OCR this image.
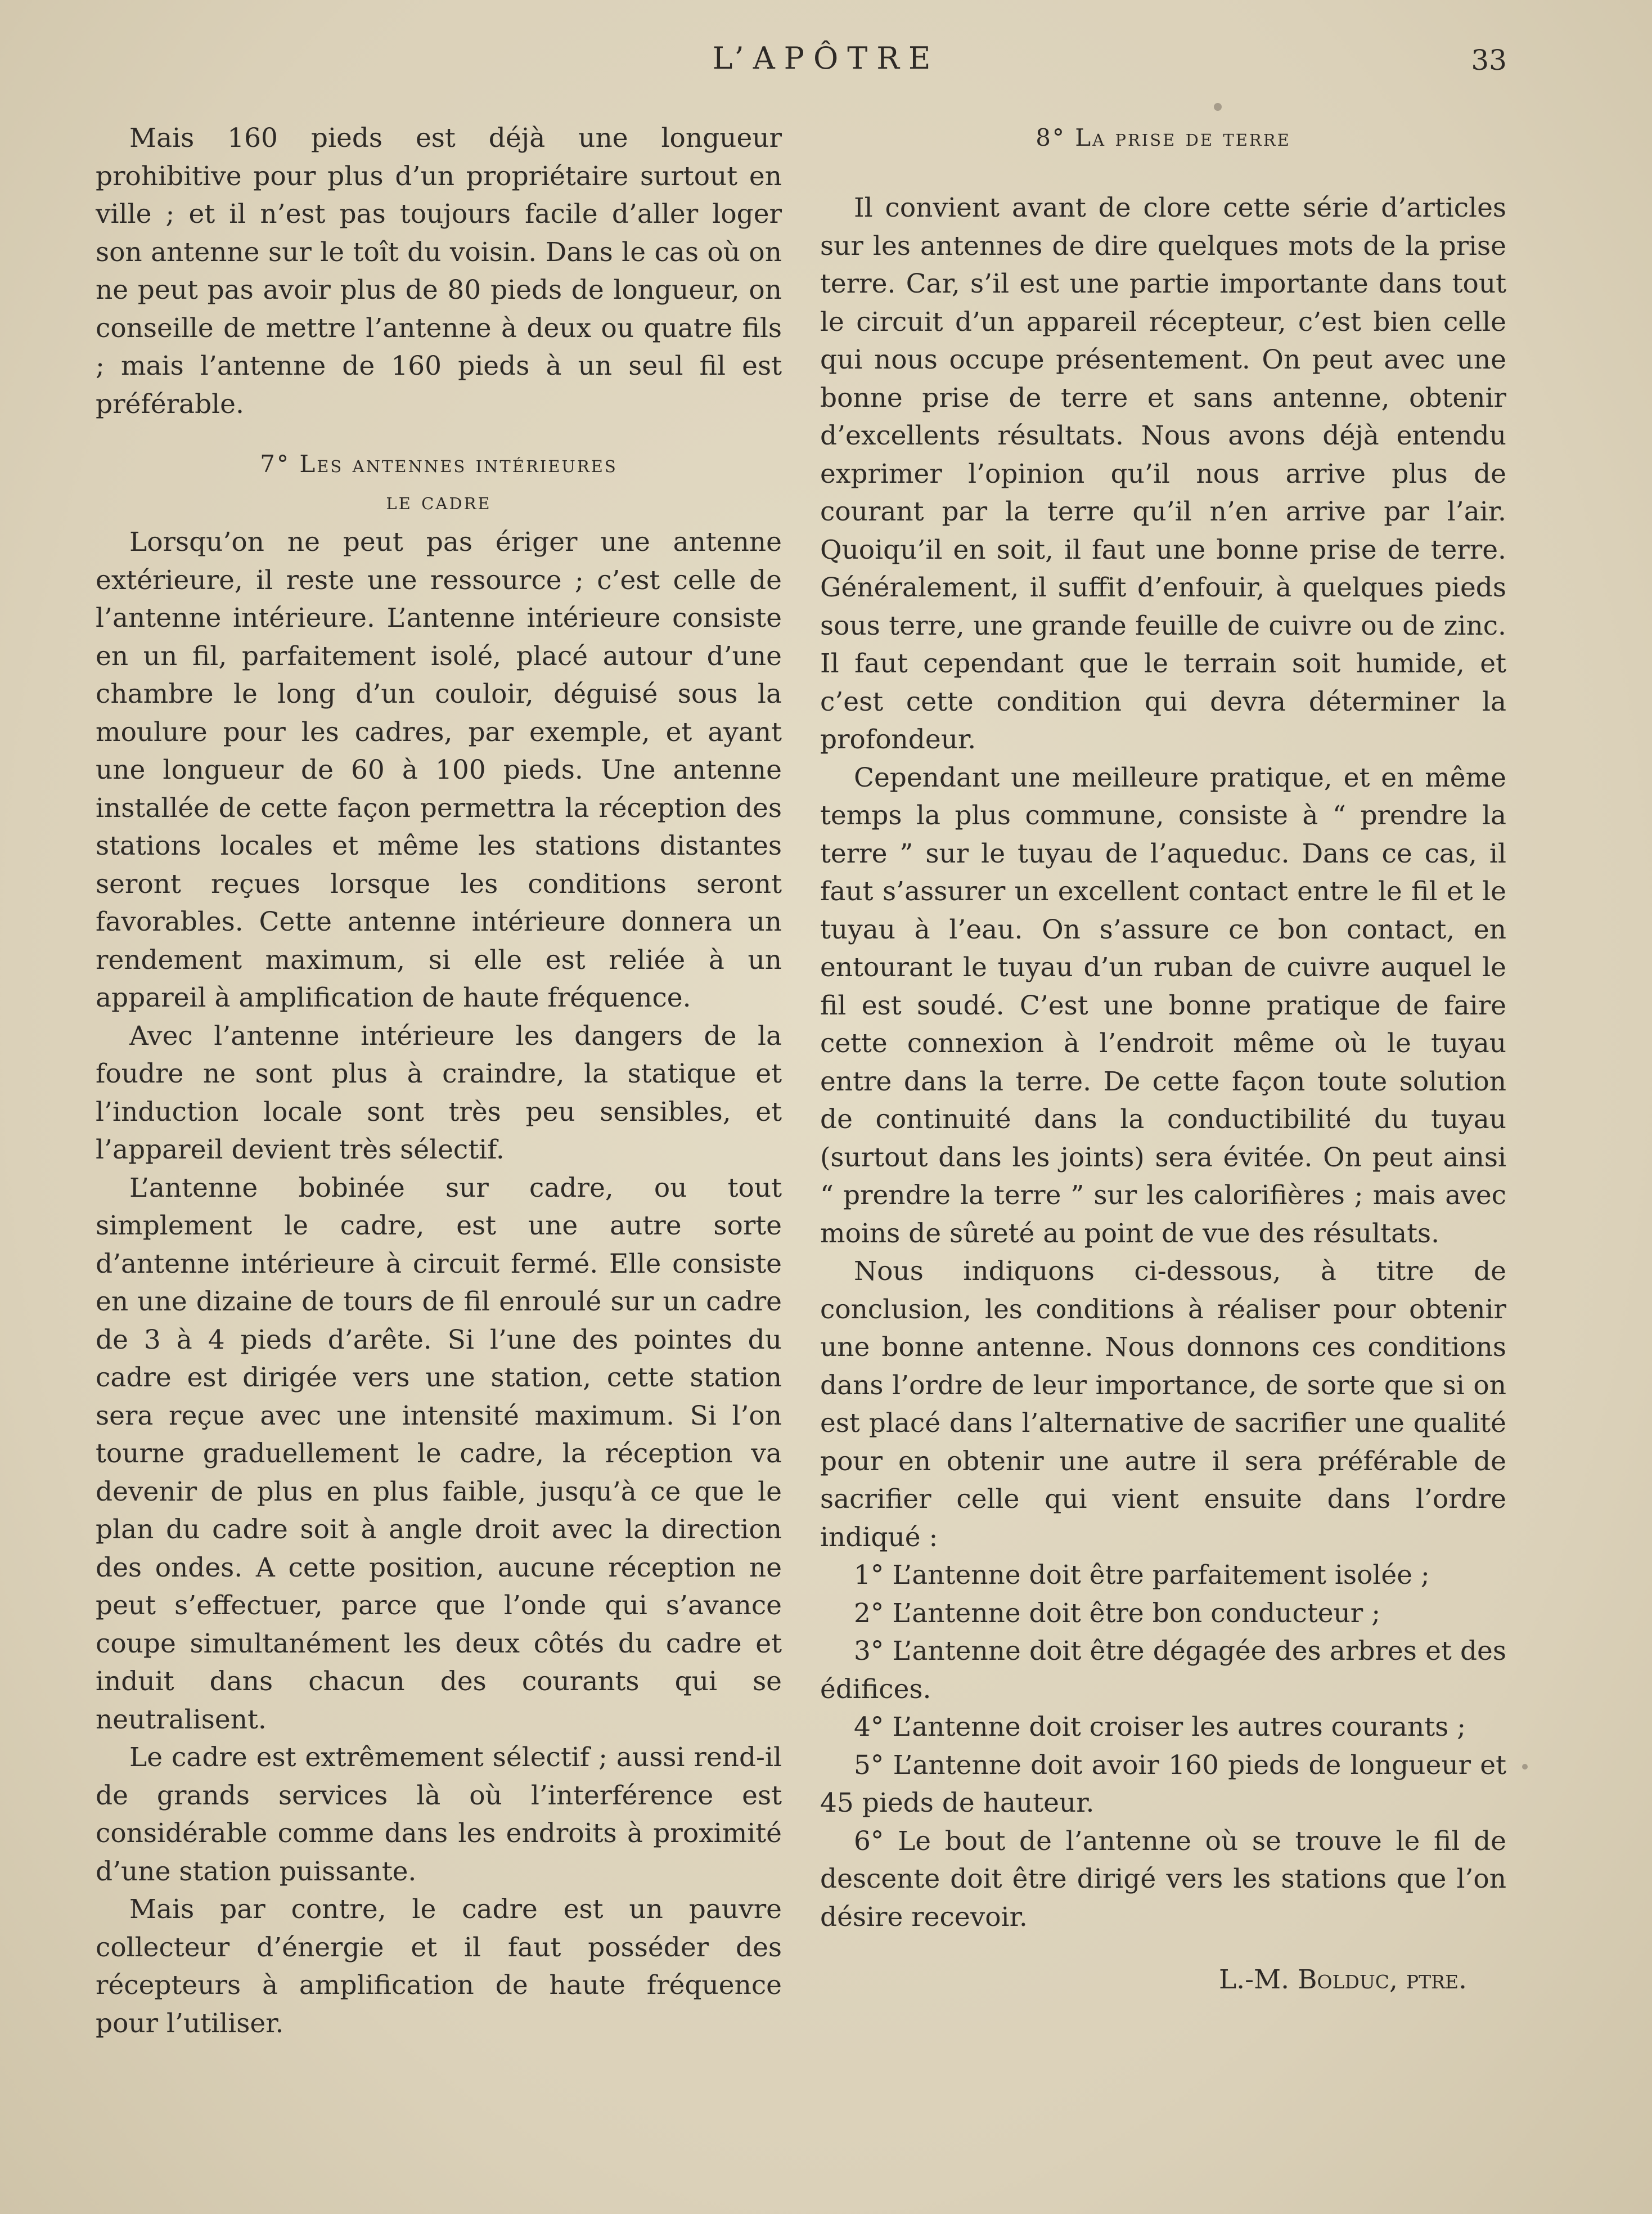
L’APÔTRE	33

Mais 160 pieds est déjà une longueur prohibitive pour plus d’un propriétaire surtout en ville ; et il n’est pas toujours facile d’aller loger son antenne sur le toît du voisin. Dans le cas où on ne peut pas avoir plus de 80 pieds de longueur, on conseille de mettre l’antenne à deux ou quatre fils ; mais l’antenne de 160 pieds à un seul fil est préférable.

7° Les antennes intérieures
le cadre

Lorsqu’on ne peut pas ériger une antenne extérieure, il reste une ressource ; c’est celle de l’antenne intérieure. L’antenne intérieure consiste en un fil, parfaitement isolé, placé autour d’une chambre le long d’un couloir, déguisé sous la moulure pour les cadres, par exemple, et ayant une longueur de 60 à 100 pieds. Une antenne installée de cette façon permettra la réception des stations locales et même les stations distantes seront reçues lorsque les conditions seront favorables. Cette antenne intérieure donnera un rendement maximum, si elle est reliée à un appareil à amplification de haute fréquence.

Avec l’antenne intérieure les dangers de la foudre ne sont plus à craindre, la statique et l’induction locale sont très peu sensibles, et l’appareil devient très sélectif.

L’antenne bobinée sur cadre, ou tout simplement le cadre, est une autre sorte d’antenne intérieure à circuit fermé. Elle consiste en une dizaine de tours de fil enroulé sur un cadre de 3 à 4 pieds d’arête. Si l’une des pointes du cadre est dirigée vers une station, cette station sera reçue avec une intensité maximum. Si l’on tourne graduellement le cadre, la réception va devenir de plus en plus faible, jusqu’à ce que le plan du cadre soit à angle droit avec la direction des ondes. A cette position, aucune réception ne peut s’effectuer, parce que l’onde qui s’avance coupe simultanément les deux côtés du cadre et induit dans chacun des courants qui se neutralisent.

Le cadre est extrêmement sélectif ; aussi rend-il de grands services là où l’interférence est considérable comme dans les endroits à proximité d’une station puissante.

Mais par contre, le cadre est un pauvre collecteur d’énergie et il faut posséder des récepteurs à amplification de haute fréquence pour l’utiliser.

8° La prise de terre

Il convient avant de clore cette série d’articles sur les antennes de dire quelques mots de la prise terre. Car, s’il est une partie importante dans tout le circuit d’un appareil récepteur, c’est bien celle qui nous occupe présentement. On peut avec une bonne prise de terre et sans antenne, obtenir d’excellents résultats. Nous avons déjà entendu exprimer l’opinion qu’il nous arrive plus de courant par la terre qu’il n’en arrive par l’air. Quoiqu’il en soit, il faut une bonne prise de terre. Généralement, il suffit d’enfouir, à quelques pieds sous terre, une grande feuille de cuivre ou de zinc. Il faut cependant que le terrain soit humide, et c’est cette condition qui devra déterminer la profondeur.

Cependant une meilleure pratique, et en même temps la plus commune, consiste à “ prendre la terre ” sur le tuyau de l’aqueduc. Dans ce cas, il faut s’assurer un excellent contact entre le fil et le tuyau à l’eau. On s’assure ce bon contact, en entourant le tuyau d’un ruban de cuivre auquel le fil est soudé. C’est une bonne pratique de faire cette connexion à l’endroit même où le tuyau entre dans la terre. De cette façon toute solution de continuité dans la conductibilité du tuyau (surtout dans les joints) sera évitée. On peut ainsi “ prendre la terre ” sur les calorifières ; mais avec moins de sûreté au point de vue des résultats.

Nous indiquons ci-dessous, à titre de conclusion, les conditions à réaliser pour obtenir une bonne antenne. Nous donnons ces conditions dans l’ordre de leur importance, de sorte que si on est placé dans l’alternative de sacrifier une qualité pour en obtenir une autre il sera préférable de sacrifier celle qui vient ensuite dans l’ordre indiqué :

1° L’antenne doit être parfaitement isolée ;

2° L’antenne doit être bon conducteur ;

3° L’antenne doit être dégagée des arbres et des édifices.

4° L’antenne doit croiser les autres courants ;

5° L’antenne doit avoir 160 pieds de longueur et 45 pieds de hauteur.

6° Le bout de l’antenne où se trouve le fil de descente doit être dirigé vers les stations que l’on désire recevoir.

L.-M. Bolduc, ptre.
